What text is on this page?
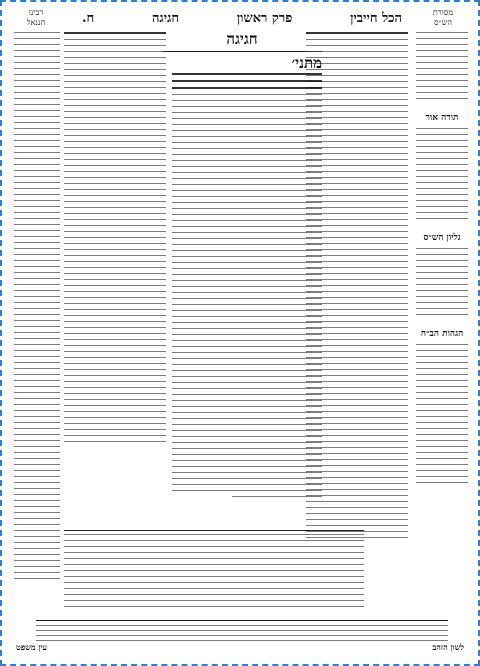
מסורת
הש״ס
רבינו
חננאל	הכל חייבין
פרק ראשון
חגיגה
ח.
חגיגה
תורה אור
גליון הש״ס
הגהות הב״ח
מתני׳
לשון הזהב
עין משפט
